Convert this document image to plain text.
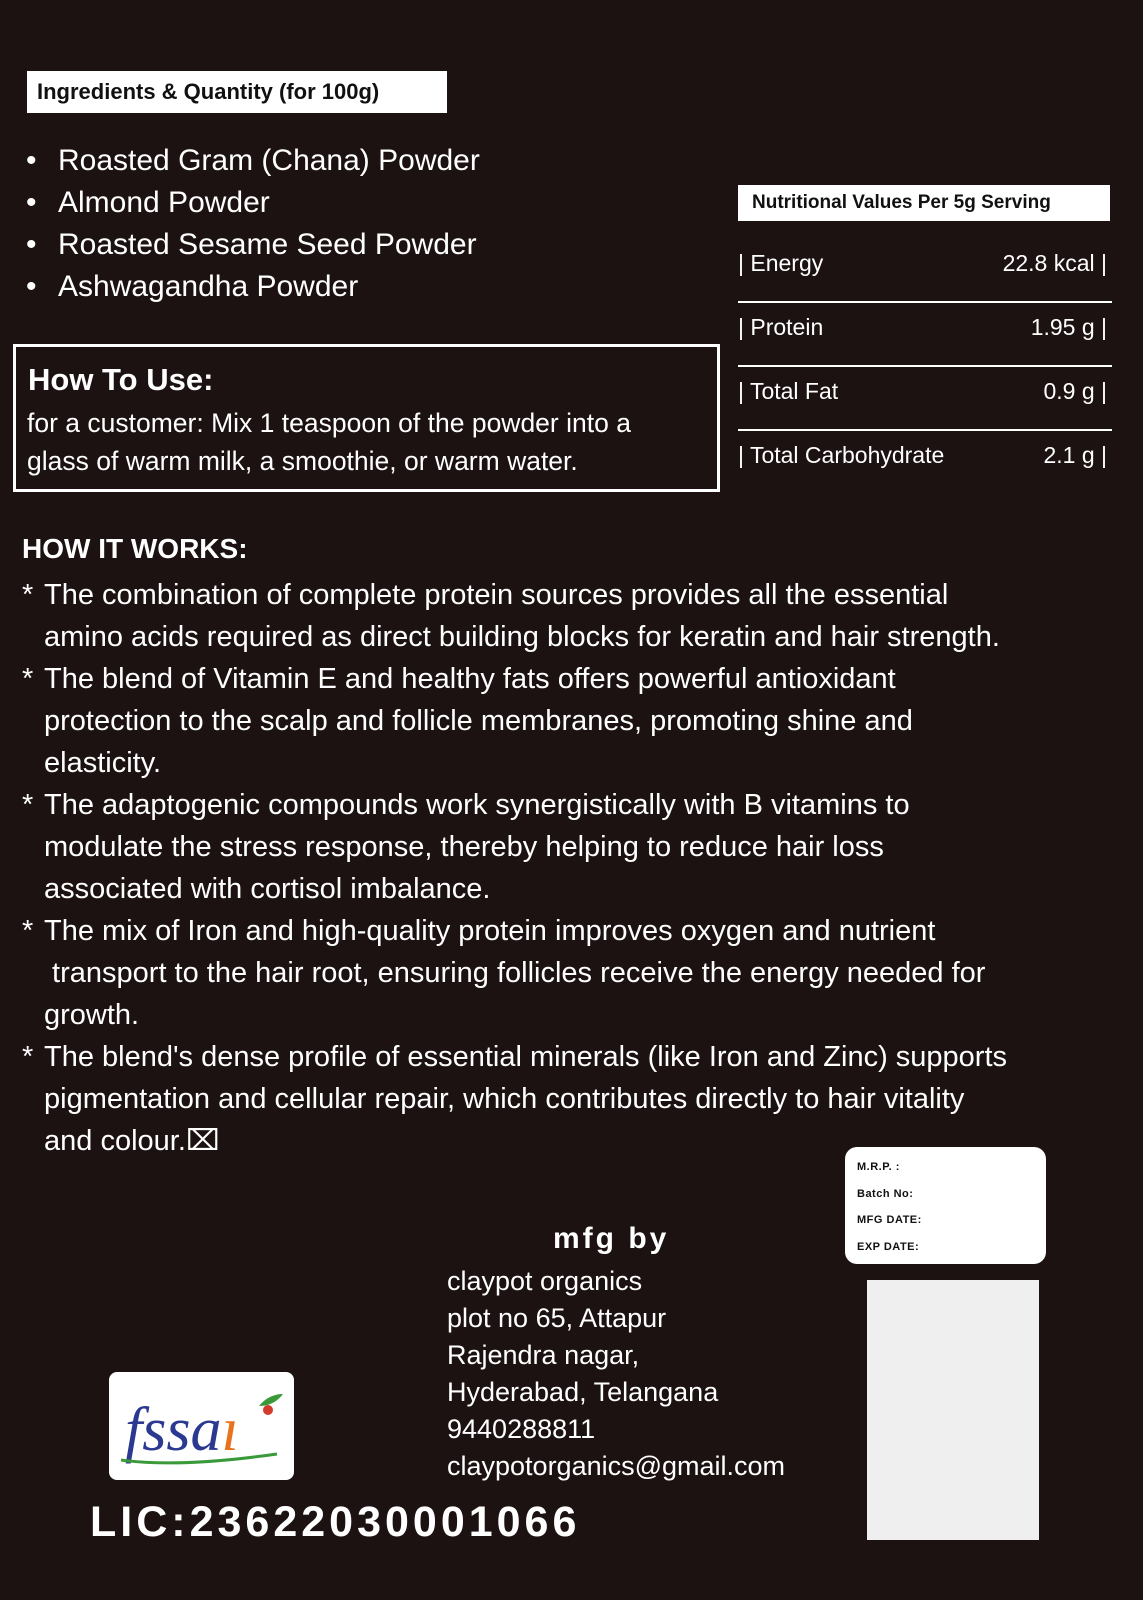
Ingredients & Quantity (for 100g)
• Roasted Gram (Chana) Powder
• Almond Powder
• Roasted Sesame Seed Powder
• Ashwagandha Powder
How To Use:
for a customer: Mix 1 teaspoon of the powder into a
glass of warm milk, a smoothie, or warm water.
Nutritional Values Per 5g Serving
| Energy	22.8 kcal |
| Protein	1.95 g |
| Total Fat	0.9 g |
| Total Carbohydrate	2.1 g |
HOW IT WORKS:
* The combination of complete protein sources provides all the essential
amino acids required as direct building blocks for keratin and hair strength.
* The blend of Vitamin E and healthy fats offers powerful antioxidant
protection to the scalp and follicle membranes, promoting shine and
elasticity.
* The adaptogenic compounds work synergistically with B vitamins to
modulate the stress response, thereby helping to reduce hair loss
associated with cortisol imbalance.
* The mix of Iron and high-quality protein improves oxygen and nutrient
transport to the hair root, ensuring follicles receive the energy needed for
growth.
* The blend's dense profile of essential minerals (like Iron and Zinc) supports
pigmentation and cellular repair, which contributes directly to hair vitality
and colour.⌧
M.R.P. :
Batch No:
MFG DATE:
EXP DATE:
mfg by
claypot organics
plot no 65, Attapur
Rajendra nagar,
Hyderabad, Telangana
9440288811
claypotorganics@gmail.com
fssaı
LIC:23622030001066
